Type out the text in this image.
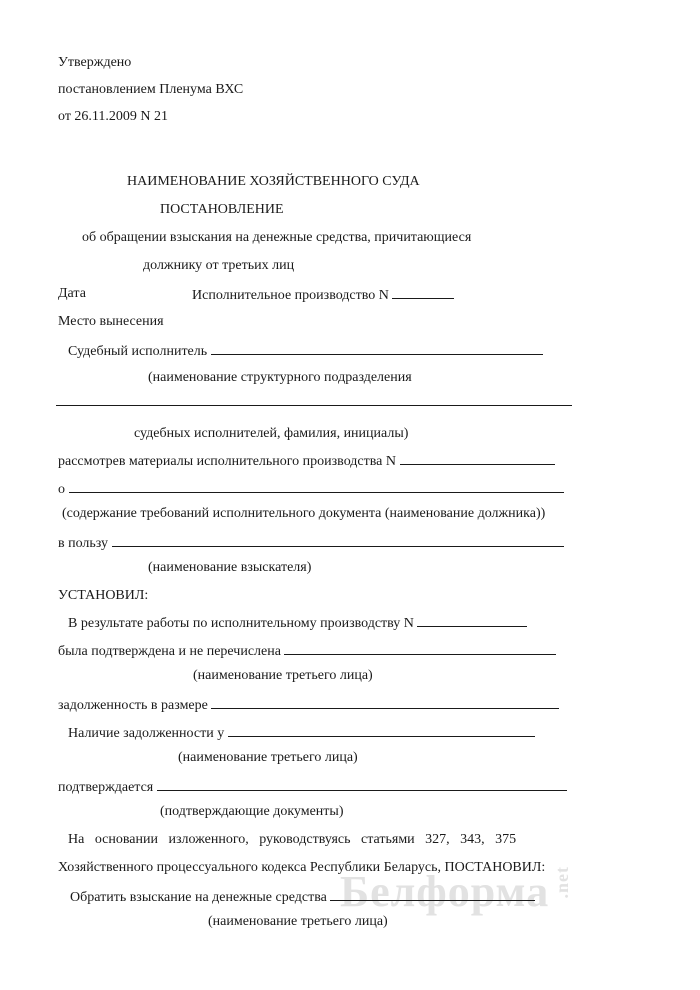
Утверждено
постановлением Пленума ВХС
от 26.11.2009 N 21
НАИМЕНОВАНИЕ ХОЗЯЙСТВЕННОГО СУДА
ПОСТАНОВЛЕНИЕ
об обращении взыскания на денежные средства, причитающиеся
должнику от третьих лиц
Дата	Исполнительное производство N
Место вынесения
Судебный исполнитель
(наименование структурного подразделения
судебных исполнителей, фамилия, инициалы)
рассмотрев материалы исполнительного производства N
о
(содержание требований исполнительного документа (наименование должника))
в пользу
(наименование взыскателя)
УСТАНОВИЛ:
В результате работы по исполнительному производству N
была подтверждена и не перечислена
(наименование третьего лица)
задолженность в размере
Наличие задолженности у
(наименование третьего лица)
подтверждается
(подтверждающие документы)
На   основании   изложенного,   руководствуясь   статьями   327,   343,   375
Хозяйственного процессуального кодекса Республики Беларусь, ПОСТАНОВИЛ:
Белформа .net
Обратить взыскание на денежные средства
(наименование третьего лица)
